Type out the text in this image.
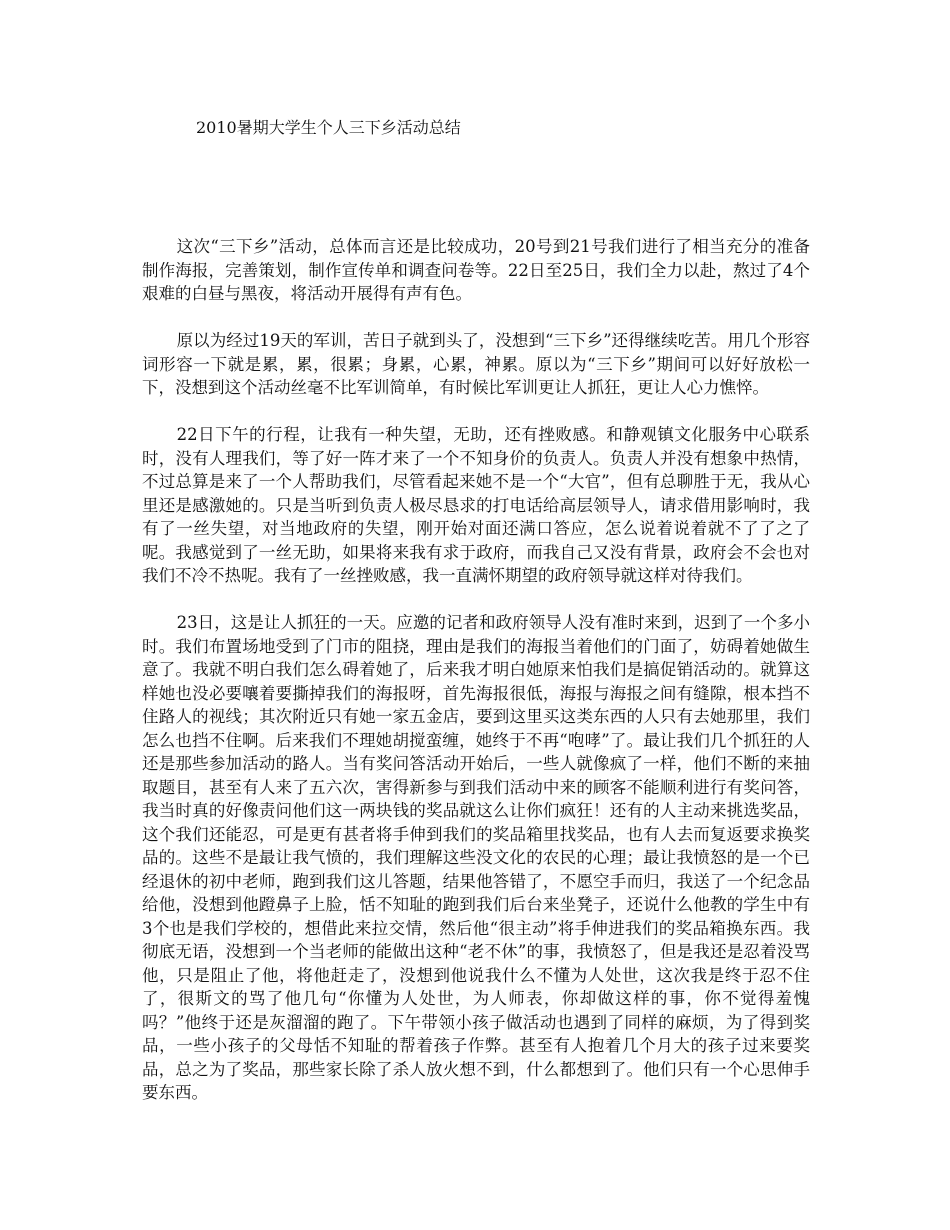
2010暑期大学生个人三下乡活动总结

这次“三下乡”活动，总体而言还是比较成功，20号到21号我们进行了相当充分的准备制作海报，完善策划，制作宣传单和调查问卷等。22日至25日，我们全力以赴，熬过了4个艰难的白昼与黑夜，将活动开展得有声有色。

原以为经过19天的军训，苦日子就到头了，没想到“三下乡”还得继续吃苦。用几个形容词形容一下就是累，累，很累；身累，心累，神累。原以为“三下乡”期间可以好好放松一下，没想到这个活动丝毫不比军训简单，有时候比军训更让人抓狂，更让人心力憔悴。

22日下午的行程，让我有一种失望，无助，还有挫败感。和静观镇文化服务中心联系时，没有人理我们，等了好一阵才来了一个不知身价的负责人。负责人并没有想象中热情，不过总算是来了一个人帮助我们，尽管看起来她不是一个“大官”，但有总聊胜于无，我从心里还是感激她的。只是当听到负责人极尽恳求的打电话给高层领导人，请求借用影响时，我有了一丝失望，对当地政府的失望，刚开始对面还满口答应，怎么说着说着就不了了之了呢。我感觉到了一丝无助，如果将来我有求于政府，而我自己又没有背景，政府会不会也对我们不冷不热呢。我有了一丝挫败感，我一直满怀期望的政府领导就这样对待我们。

23日，这是让人抓狂的一天。应邀的记者和政府领导人没有准时来到，迟到了一个多小时。我们布置场地受到了门市的阻挠，理由是我们的海报当着他们的门面了，妨碍着她做生意了。我就不明白我们怎么碍着她了，后来我才明白她原来怕我们是搞促销活动的。就算这样她也没必要嚷着要撕掉我们的海报呀，首先海报很低，海报与海报之间有缝隙，根本挡不住路人的视线；其次附近只有她一家五金店，要到这里买这类东西的人只有去她那里，我们怎么也挡不住啊。后来我们不理她胡搅蛮缠，她终于不再“咆哮”了。最让我们几个抓狂的人还是那些参加活动的路人。当有奖问答活动开始后，一些人就像疯了一样，他们不断的来抽取题目，甚至有人来了五六次，害得新参与到我们活动中来的顾客不能顺利进行有奖问答，我当时真的好像责问他们这一两块钱的奖品就这么让你们疯狂！还有的人主动来挑选奖品，这个我们还能忍，可是更有甚者将手伸到我们的奖品箱里找奖品，也有人去而复返要求换奖品的。这些不是最让我气愤的，我们理解这些没文化的农民的心理；最让我愤怒的是一个已经退休的初中老师，跑到我们这儿答题，结果他答错了，不愿空手而归，我送了一个纪念品给他，没想到他蹬鼻子上脸，恬不知耻的跑到我们后台来坐凳子，还说什么他教的学生中有3个也是我们学校的，想借此来拉交情，然后他“很主动”将手伸进我们的奖品箱换东西。我彻底无语，没想到一个当老师的能做出这种“老不休”的事，我愤怒了，但是我还是忍着没骂他，只是阻止了他，将他赶走了，没想到他说我什么不懂为人处世，这次我是终于忍不住了，很斯文的骂了他几句“你懂为人处世，为人师表，你却做这样的事，你不觉得羞愧吗？”他终于还是灰溜溜的跑了。下午带领小孩子做活动也遇到了同样的麻烦，为了得到奖品，一些小孩子的父母恬不知耻的帮着孩子作弊。甚至有人抱着几个月大的孩子过来要奖品，总之为了奖品，那些家长除了杀人放火想不到，什么都想到了。他们只有一个心思伸手要东西。
